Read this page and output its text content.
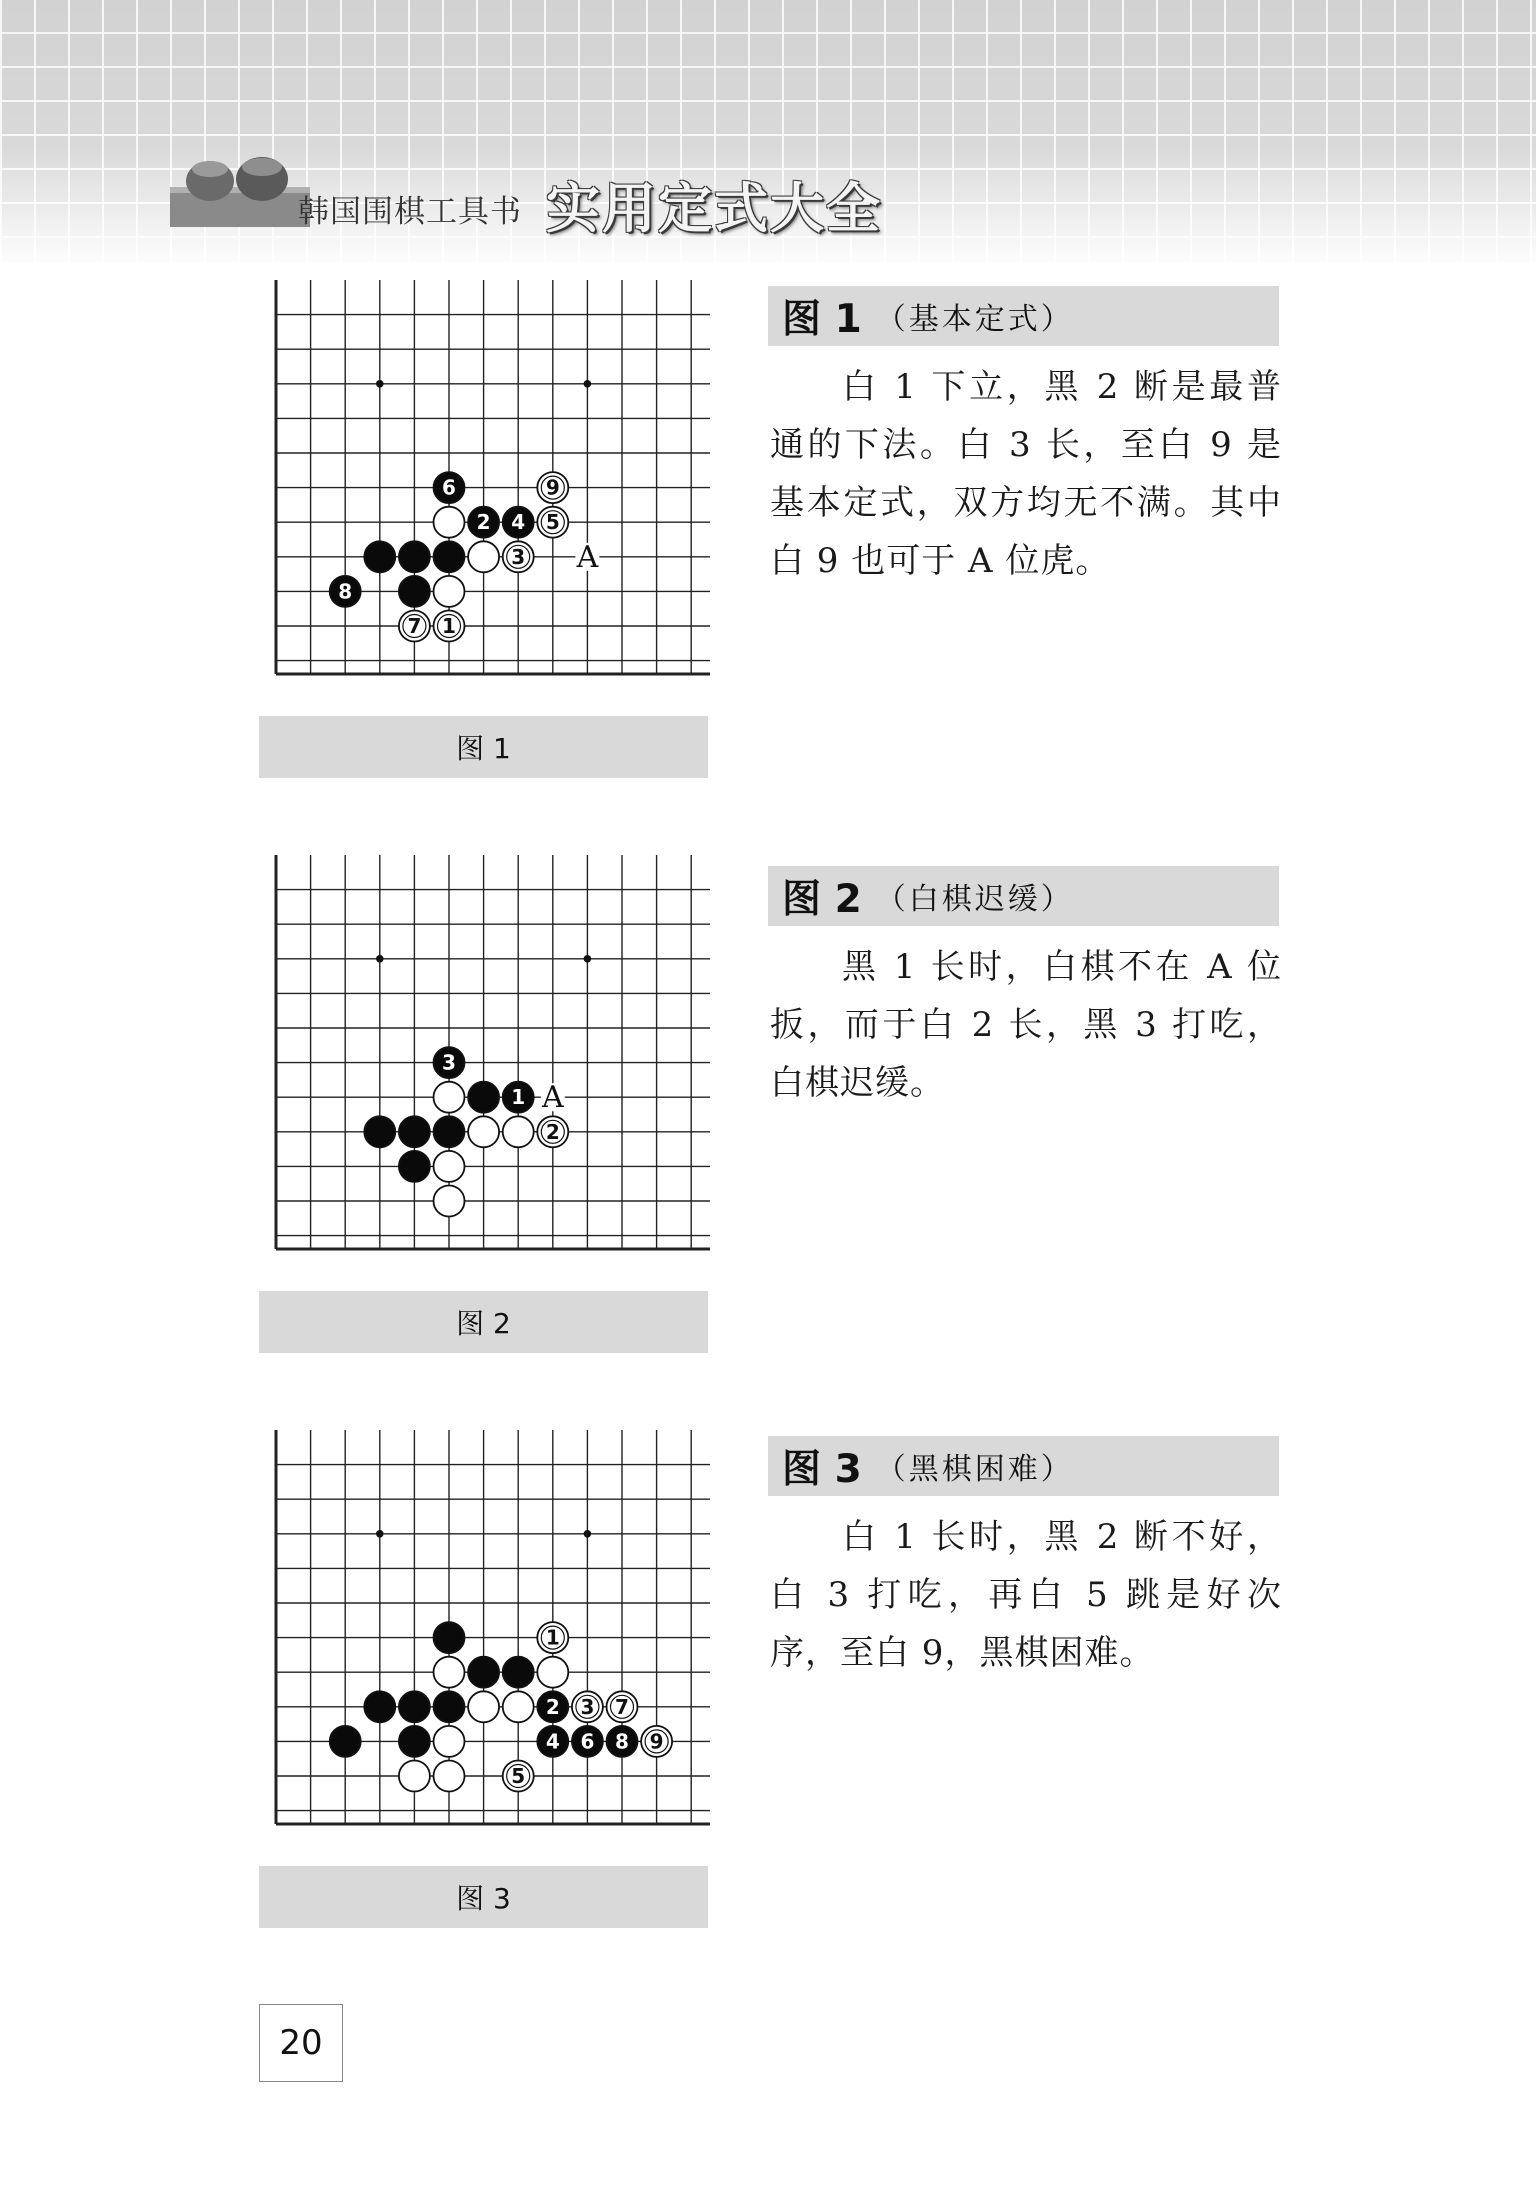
韩国围棋工具书 实用定式大全
6	9
2 4 5
3
8
7 1
A
图 1
图 1 （基本定式）
白 1 下立，黑 2 断是最普通的下法。白 3 长，至白 9 是基本定式，双方均无不满。其中白 9 也可于 A 位虎。
3
1
2
A
图 2
图 2 （白棋迟缓）
黑 1 长时，白棋不在 A 位扳，而于白 2 长，黑 3 打吃，白棋迟缓。
1
2 3 7
4 6 8 9
5
图 3
图 3 （黑棋困难）
白 1 长时，黑 2 断不好，白 3 打吃，再白 5 跳是好次序，至白 9，黑棋困难。
20
